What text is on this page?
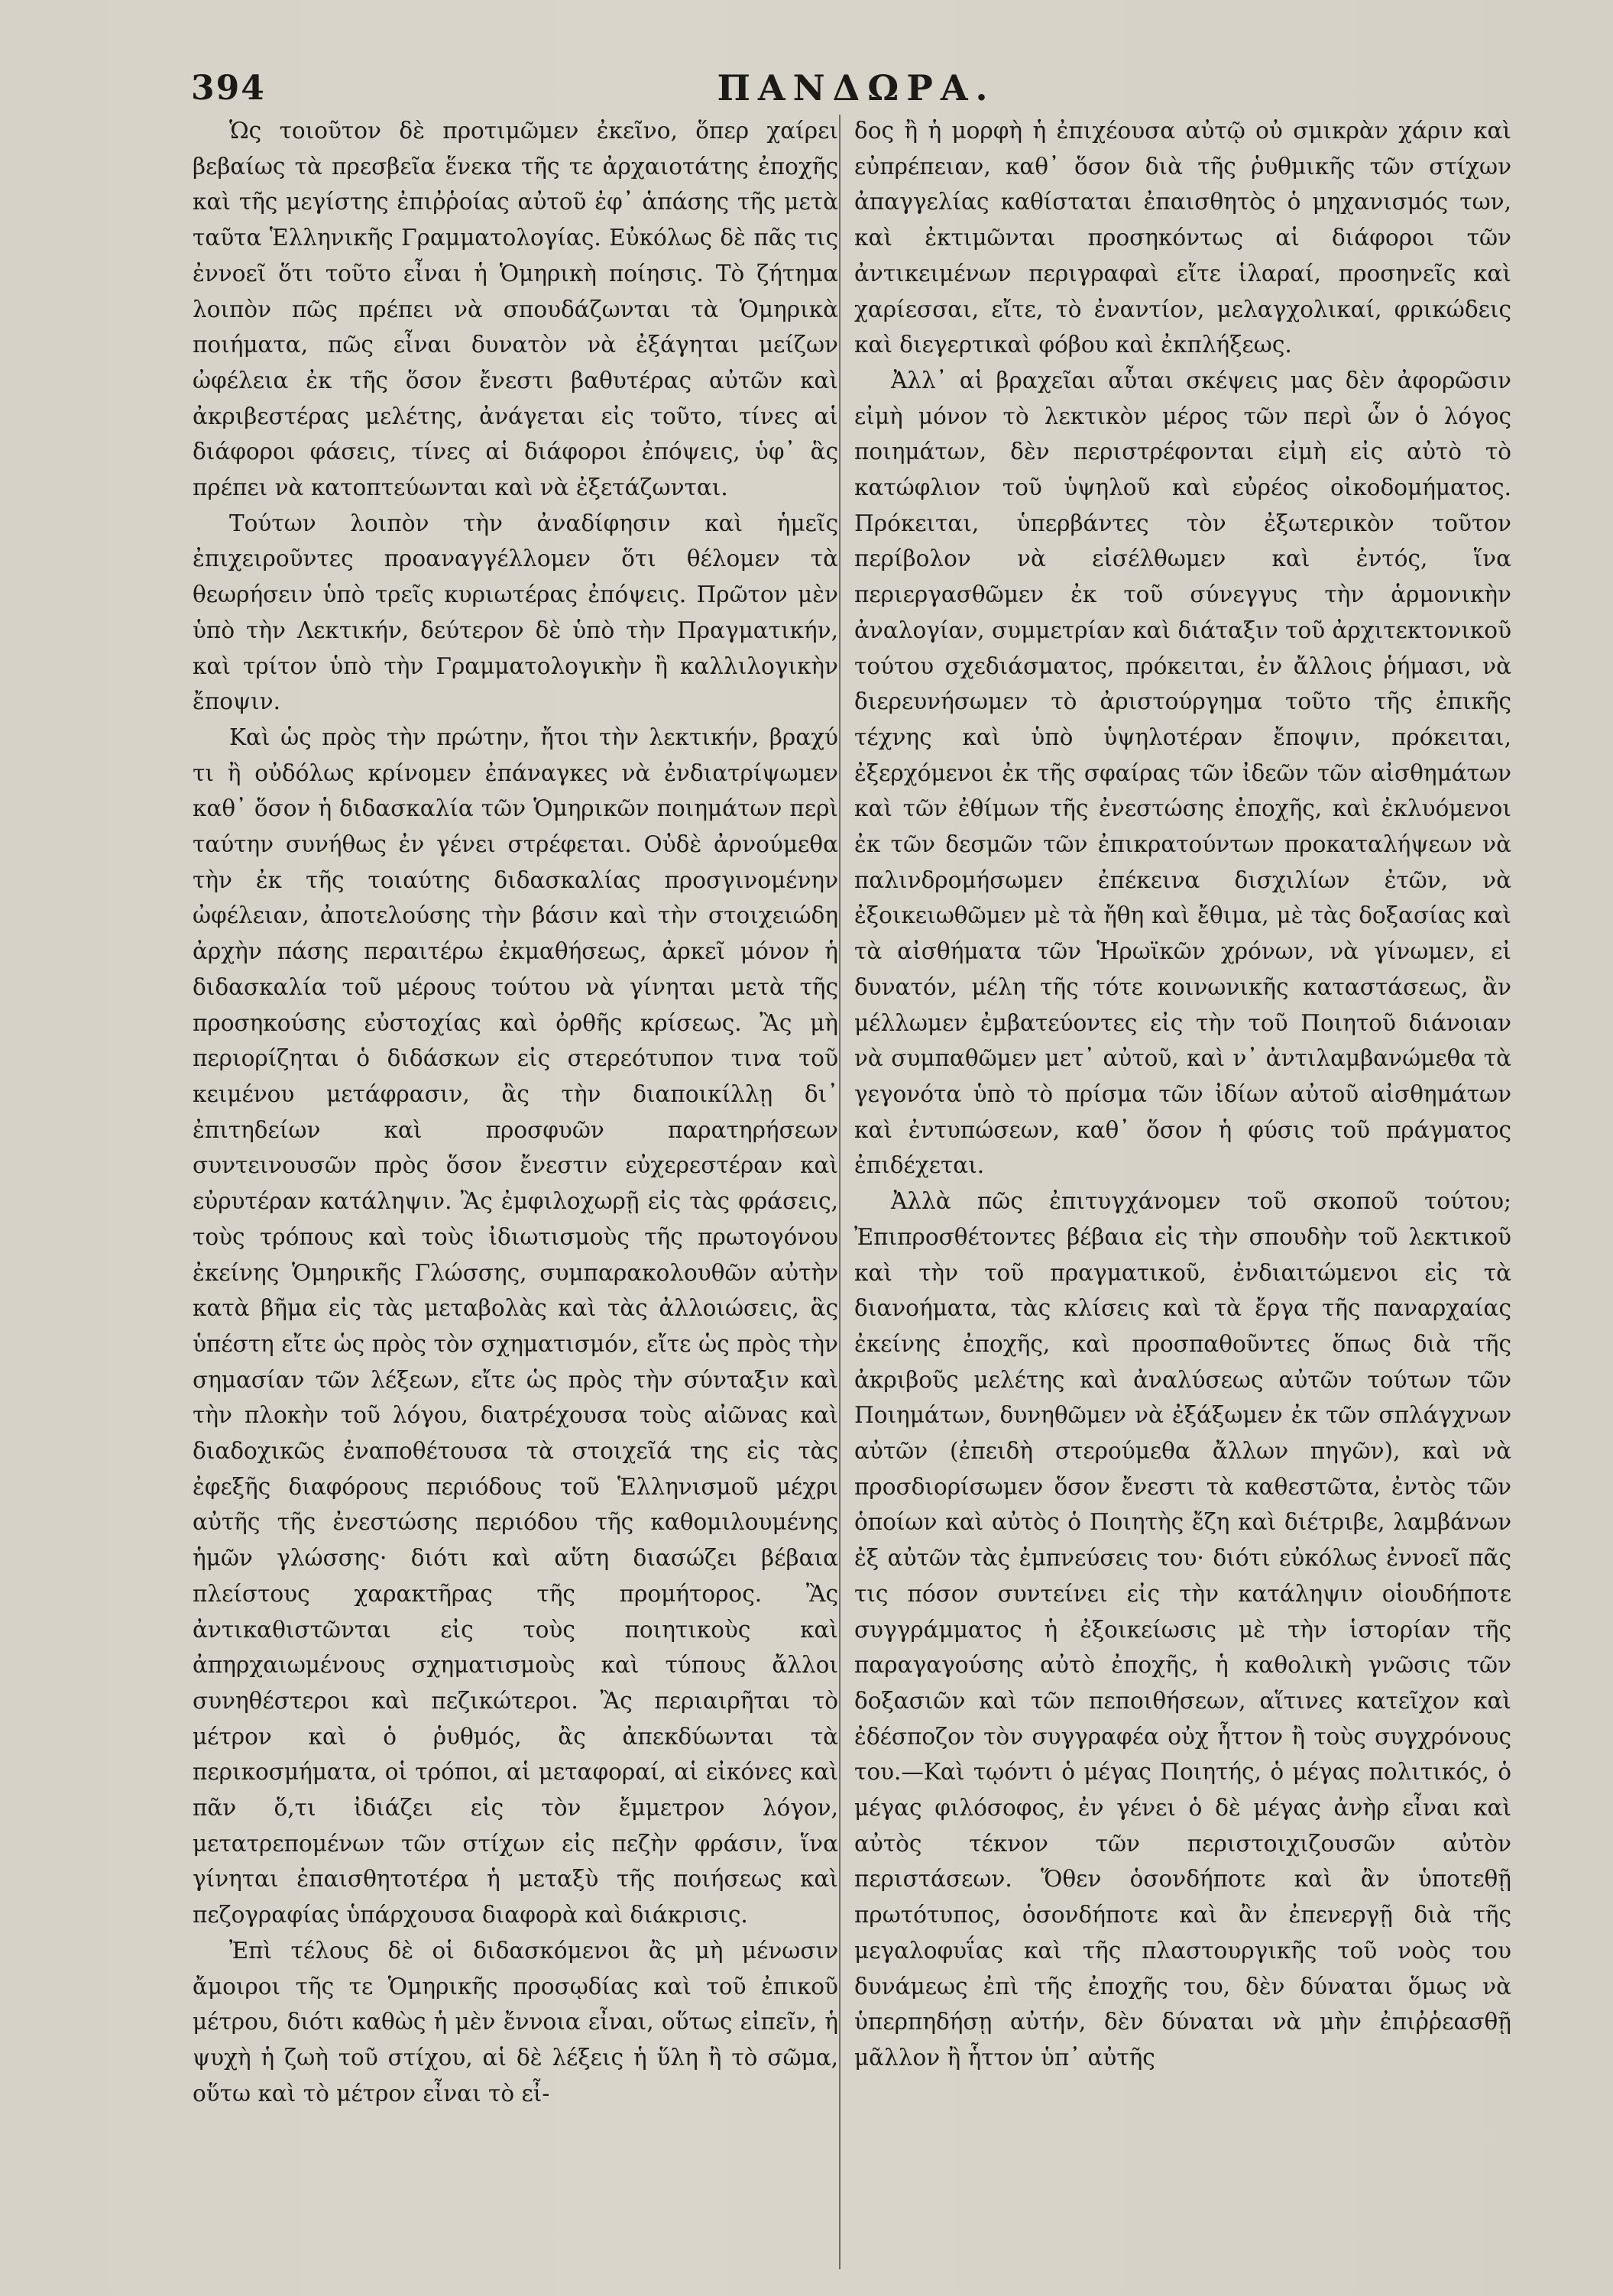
394	ΠΑΝΔΩΡΑ.

Ὡς τοιοῦτον δὲ προτιμῶμεν ἐκεῖνο, ὅπερ χαίρει βεβαίως τὰ πρεσβεῖα ἕνεκα τῆς τε ἀρχαιοτάτης ἐποχῆς καὶ τῆς μεγίστης ἐπιῤῥοίας αὐτοῦ ἐφ᾽ ἁπάσης τῆς μετὰ ταῦτα Ἑλληνικῆς Γραμματολογίας. Εὐκόλως δὲ πᾶς τις ἐννοεῖ ὅτι τοῦτο εἶναι ἡ Ὁμηρικὴ ποίησις. Τὸ ζήτημα λοιπὸν πῶς πρέπει νὰ σπουδάζωνται τὰ Ὁμηρικὰ ποιήματα, πῶς εἶναι δυνατὸν νὰ ἐξάγηται μείζων ὠφέλεια ἐκ τῆς ὅσον ἔνεστι βαθυτέρας αὐτῶν καὶ ἀκριβεστέρας μελέτης, ἀνάγεται εἰς τοῦτο, τίνες αἱ διάφοροι φάσεις, τίνες αἱ διάφοροι ἐπόψεις, ὑφ᾽ ἃς πρέπει νὰ κατοπτεύωνται καὶ νὰ ἐξετάζωνται.

Τούτων λοιπὸν τὴν ἀναδίφησιν καὶ ἡμεῖς ἐπιχειροῦντες προαναγγέλλομεν ὅτι θέλομεν τὰ θεωρήσειν ὑπὸ τρεῖς κυριωτέρας ἐπόψεις. Πρῶτον μὲν ὑπὸ τὴν Λεκτικήν, δεύτερον δὲ ὑπὸ τὴν Πραγματικήν, καὶ τρίτον ὑπὸ τὴν Γραμματολογικὴν ἢ καλλιλογικὴν ἔποψιν.

Καὶ ὡς πρὸς τὴν πρώτην, ἤτοι τὴν λεκτικήν, βραχύ τι ἢ οὐδόλως κρίνομεν ἐπάναγκες νὰ ἐνδιατρίψωμεν καθ᾽ ὅσον ἡ διδασκαλία τῶν Ὁμηρικῶν ποιημάτων περὶ ταύτην συνήθως ἐν γένει στρέφεται. Οὐδὲ ἀρνούμεθα τὴν ἐκ τῆς τοιαύτης διδασκαλίας προσγινομένην ὠφέλειαν, ἀποτελούσης τὴν βάσιν καὶ τὴν στοιχειώδη ἀρχὴν πάσης περαιτέρω ἐκμαθήσεως, ἀρκεῖ μόνον ἡ διδασκαλία τοῦ μέρους τούτου νὰ γίνηται μετὰ τῆς προσηκούσης εὐστοχίας καὶ ὀρθῆς κρίσεως. Ἂς μὴ περιορίζηται ὁ διδάσκων εἰς στερεότυπον τινα τοῦ κειμένου μετάφρασιν, ἂς τὴν διαποικίλλῃ δι᾽ ἐπιτηδείων καὶ προσφυῶν παρατηρήσεων συντεινουσῶν πρὸς ὅσον ἔνεστιν εὐχερεστέραν καὶ εὐρυτέραν κατάληψιν. Ἂς ἐμφιλοχωρῇ εἰς τὰς φράσεις, τοὺς τρόπους καὶ τοὺς ἰδιωτισμοὺς τῆς πρωτογόνου ἐκείνης Ὁμηρικῆς Γλώσσης, συμπαρακολουθῶν αὐτὴν κατὰ βῆμα εἰς τὰς μεταβολὰς καὶ τὰς ἀλλοιώσεις, ἃς ὑπέστη εἴτε ὡς πρὸς τὸν σχηματισμόν, εἴτε ὡς πρὸς τὴν σημασίαν τῶν λέξεων, εἴτε ὡς πρὸς τὴν σύνταξιν καὶ τὴν πλοκὴν τοῦ λόγου, διατρέχουσα τοὺς αἰῶνας καὶ διαδοχικῶς ἐναποθέτουσα τὰ στοιχεῖά της εἰς τὰς ἐφεξῆς διαφόρους περιόδους τοῦ Ἑλληνισμοῦ μέχρι αὐτῆς τῆς ἐνεστώσης περιόδου τῆς καθομιλουμένης ἡμῶν γλώσσης· διότι καὶ αὕτη διασώζει βέβαια πλείστους χαρακτῆρας τῆς προμήτορος. Ἂς ἀντικαθιστῶνται εἰς τοὺς ποιητικοὺς καὶ ἀπηρχαιωμένους σχηματισμοὺς καὶ τύπους ἄλλοι συνηθέστεροι καὶ πεζικώτεροι. Ἂς περιαιρῆται τὸ μέτρον καὶ ὁ ῥυθμός, ἂς ἀπεκδύωνται τὰ περικοσμήματα, οἱ τρόποι, αἱ μεταφοραί, αἱ εἰκόνες καὶ πᾶν ὅ,τι ἰδιάζει εἰς τὸν ἔμμετρον λόγον, μετατρεπομένων τῶν στίχων εἰς πεζὴν φράσιν, ἵνα γίνηται ἐπαισθητοτέρα ἡ μεταξὺ τῆς ποιήσεως καὶ πεζογραφίας ὑπάρχουσα διαφορὰ καὶ διάκρισις.

Ἐπὶ τέλους δὲ οἱ διδασκόμενοι ἂς μὴ μένωσιν ἄμοιροι τῆς τε Ὁμηρικῆς προσῳδίας καὶ τοῦ ἐπικοῦ μέτρου, διότι καθὼς ἡ μὲν ἔννοια εἶναι, οὕτως εἰπεῖν, ἡ ψυχὴ ἡ ζωὴ τοῦ στίχου, αἱ δὲ λέξεις ἡ ὕλη ἢ τὸ σῶμα, οὕτω καὶ τὸ μέτρον εἶναι τὸ εἶ-

δος ἢ ἡ μορφὴ ἡ ἐπιχέουσα αὐτῷ οὐ σμικρὰν χάριν καὶ εὐπρέπειαν, καθ᾽ ὅσον διὰ τῆς ῥυθμικῆς τῶν στίχων ἀπαγγελίας καθίσταται ἐπαισθητὸς ὁ μηχανισμός των, καὶ ἐκτιμῶνται προσηκόντως αἱ διάφοροι τῶν ἀντικειμένων περιγραφαὶ εἴτε ἱλαραί, προσηνεῖς καὶ χαρίεσσαι, εἴτε, τὸ ἐναντίον, μελαγχολικαί, φρικώδεις καὶ διεγερτικαὶ φόβου καὶ ἐκπλήξεως.

Ἀλλ᾽ αἱ βραχεῖαι αὗται σκέψεις μας δὲν ἀφορῶσιν εἰμὴ μόνον τὸ λεκτικὸν μέρος τῶν περὶ ὧν ὁ λόγος ποιημάτων, δὲν περιστρέφονται εἰμὴ εἰς αὐτὸ τὸ κατώφλιον τοῦ ὑψηλοῦ καὶ εὐρέος οἰκοδομήματος. Πρόκειται, ὑπερβάντες τὸν ἐξωτερικὸν τοῦτον περίβολον νὰ εἰσέλθωμεν καὶ ἐντός, ἵνα περιεργασθῶμεν ἐκ τοῦ σύνεγγυς τὴν ἁρμονικὴν ἀναλογίαν, συμμετρίαν καὶ διάταξιν τοῦ ἀρχιτεκτονικοῦ τούτου σχεδιάσματος, πρόκειται, ἐν ἄλλοις ῥήμασι, νὰ διερευνήσωμεν τὸ ἀριστούργημα τοῦτο τῆς ἐπικῆς τέχνης καὶ ὑπὸ ὑψηλοτέραν ἔποψιν, πρόκειται, ἐξερχόμενοι ἐκ τῆς σφαίρας τῶν ἰδεῶν τῶν αἰσθημάτων καὶ τῶν ἐθίμων τῆς ἐνεστώσης ἐποχῆς, καὶ ἐκλυόμενοι ἐκ τῶν δεσμῶν τῶν ἐπικρατούντων προκαταλήψεων νὰ παλινδρομήσωμεν ἐπέκεινα δισχιλίων ἐτῶν, νὰ ἐξοικειωθῶμεν μὲ τὰ ἤθη καὶ ἔθιμα, μὲ τὰς δοξασίας καὶ τὰ αἰσθήματα τῶν Ἡρωϊκῶν χρόνων, νὰ γίνωμεν, εἰ δυνατόν, μέλη τῆς τότε κοινωνικῆς καταστάσεως, ἂν μέλλωμεν ἐμβατεύοντες εἰς τὴν τοῦ Ποιητοῦ διάνοιαν νὰ συμπαθῶμεν μετ᾽ αὐτοῦ, καὶ ν᾽ ἀντιλαμβανώμεθα τὰ γεγονότα ὑπὸ τὸ πρίσμα τῶν ἰδίων αὐτοῦ αἰσθημάτων καὶ ἐντυπώσεων, καθ᾽ ὅσον ἡ φύσις τοῦ πράγματος ἐπιδέχεται.

Ἀλλὰ πῶς ἐπιτυγχάνομεν τοῦ σκοποῦ τούτου; Ἐπιπροσθέτοντες βέβαια εἰς τὴν σπουδὴν τοῦ λεκτικοῦ καὶ τὴν τοῦ πραγματικοῦ, ἐνδιαιτώμενοι εἰς τὰ διανοήματα, τὰς κλίσεις καὶ τὰ ἔργα τῆς παναρχαίας ἐκείνης ἐποχῆς, καὶ προσπαθοῦντες ὅπως διὰ τῆς ἀκριβοῦς μελέτης καὶ ἀναλύσεως αὐτῶν τούτων τῶν Ποιημάτων, δυνηθῶμεν νὰ ἐξάξωμεν ἐκ τῶν σπλάγχνων αὐτῶν (ἐπειδὴ στερούμεθα ἄλλων πηγῶν), καὶ νὰ προσδιορίσωμεν ὅσον ἔνεστι τὰ καθεστῶτα, ἐντὸς τῶν ὁποίων καὶ αὐτὸς ὁ Ποιητὴς ἔζη καὶ διέτριβε, λαμβάνων ἐξ αὐτῶν τὰς ἐμπνεύσεις του· διότι εὐκόλως ἐννοεῖ πᾶς τις πόσον συντείνει εἰς τὴν κατάληψιν οἱουδήποτε συγγράμματος ἡ ἐξοικείωσις μὲ τὴν ἱστορίαν τῆς παραγαγούσης αὐτὸ ἐποχῆς, ἡ καθολικὴ γνῶσις τῶν δοξασιῶν καὶ τῶν πεποιθήσεων, αἵτινες κατεῖχον καὶ ἐδέσποζον τὸν συγγραφέα οὐχ ἧττον ἢ τοὺς συγχρόνους του.—Καὶ τῳόντι ὁ μέγας Ποιητής, ὁ μέγας πολιτικός, ὁ μέγας φιλόσοφος, ἐν γένει ὁ δὲ μέγας ἀνὴρ εἶναι καὶ αὐτὸς τέκνον τῶν περιστοιχιζουσῶν αὐτὸν περιστάσεων. Ὅθεν ὁσονδήποτε καὶ ἂν ὑποτεθῇ πρωτότυπος, ὁσονδήποτε καὶ ἂν ἐπενεργῇ διὰ τῆς μεγαλοφυΐας καὶ τῆς πλαστουργικῆς τοῦ νοὸς του δυνάμεως ἐπὶ τῆς ἐποχῆς του, δὲν δύναται ὅμως νὰ ὑπερπηδήσῃ αὐτήν, δὲν δύναται νὰ μὴν ἐπιῤῥεασθῇ μᾶλλον ἢ ἧττον ὑπ᾽ αὐτῆς
